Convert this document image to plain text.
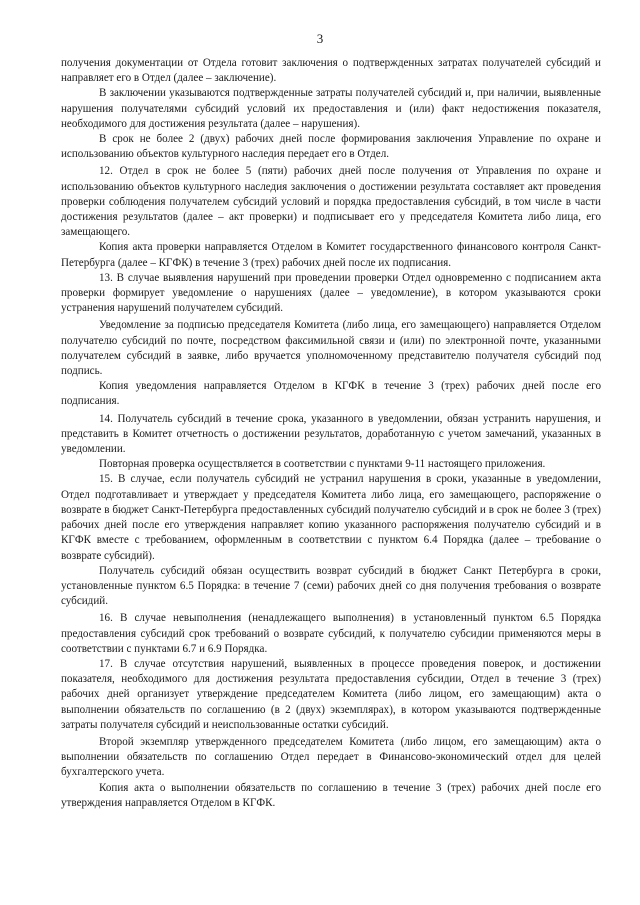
3

получения документации от Отдела готовит заключения о подтвержденных затратах получателей субсидий и направляет его в Отдел (далее – заключение).

В заключении указываются подтвержденные затраты получателей субсидий и, при наличии, выявленные нарушения получателями субсидий условий их предоставления и (или) факт недостижения показателя, необходимого для достижения результата (далее – нарушения).

В срок не более 2 (двух) рабочих дней после формирования заключения Управление по охране и использованию объектов культурного наследия передает его в Отдел.

12. Отдел в срок не более 5 (пяти) рабочих дней после получения от Управления по охране и использованию объектов культурного наследия заключения о достижении результата составляет акт проведения проверки соблюдения получателем субсидий условий и порядка предоставления субсидий, в том числе в части достижения результатов (далее – акт проверки) и подписывает его у председателя Комитета либо лица, его замещающего.

Копия акта проверки направляется Отделом в Комитет государственного финансового контроля Санкт-Петербурга (далее – КГФК) в течение 3 (трех) рабочих дней после их подписания.

13. В случае выявления нарушений при проведении проверки Отдел одновременно с подписанием акта проверки формирует уведомление о нарушениях (далее – уведомление), в котором указываются сроки устранения нарушений получателем субсидий.

Уведомление за подписью председателя Комитета (либо лица, его замещающего) направляется Отделом получателю субсидий по почте, посредством факсимильной связи и (или) по электронной почте, указанными получателем субсидий в заявке, либо вручается уполномоченному представителю получателя субсидий под подпись.

Копия уведомления направляется Отделом в КГФК в течение 3 (трех) рабочих дней после его подписания.

14. Получатель субсидий в течение срока, указанного в уведомлении, обязан устранить нарушения, и представить в Комитет отчетность о достижении результатов, доработанную с учетом замечаний, указанных в уведомлении.

Повторная проверка осуществляется в соответствии с пунктами 9-11 настоящего приложения.

15. В случае, если получатель субсидий не устранил нарушения в сроки, указанные в уведомлении, Отдел подготавливает и утверждает у председателя Комитета либо лица, его замещающего, распоряжение о возврате в бюджет Санкт-Петербурга предоставленных субсидий получателю субсидий и в срок не более 3 (трех) рабочих дней после его утверждения направляет копию указанного распоряжения получателю субсидий и в КГФК вместе с требованием, оформленным в соответствии с пунктом 6.4 Порядка (далее – требование о возврате субсидий).

Получатель субсидий обязан осуществить возврат субсидий в бюджет Санкт Петербурга в сроки, установленные пунктом 6.5 Порядка: в течение 7 (семи) рабочих дней со дня получения требования о возврате субсидий.

16. В случае невыполнения (ненадлежащего выполнения) в установленный пунктом 6.5 Порядка предоставления субсидий срок требований о возврате субсидий, к получателю субсидии применяются меры в соответствии с пунктами 6.7 и 6.9 Порядка.

17. В случае отсутствия нарушений, выявленных в процессе проведения поверок, и достижении показателя, необходимого для достижения результата предоставления субсидии, Отдел в течение 3 (трех) рабочих дней организует утверждение председателем Комитета (либо лицом, его замещающим) акта о выполнении обязательств по соглашению (в 2 (двух) экземплярах), в котором указываются подтвержденные затраты получателя субсидий и неиспользованные остатки субсидий.

Второй экземпляр утвержденного председателем Комитета (либо лицом, его замещающим) акта о выполнении обязательств по соглашению Отдел передает в Финансово-экономический отдел для целей бухгалтерского учета.

Копия акта о выполнении обязательств по соглашению в течение 3 (трех) рабочих дней после его утверждения направляется Отделом в КГФК.
